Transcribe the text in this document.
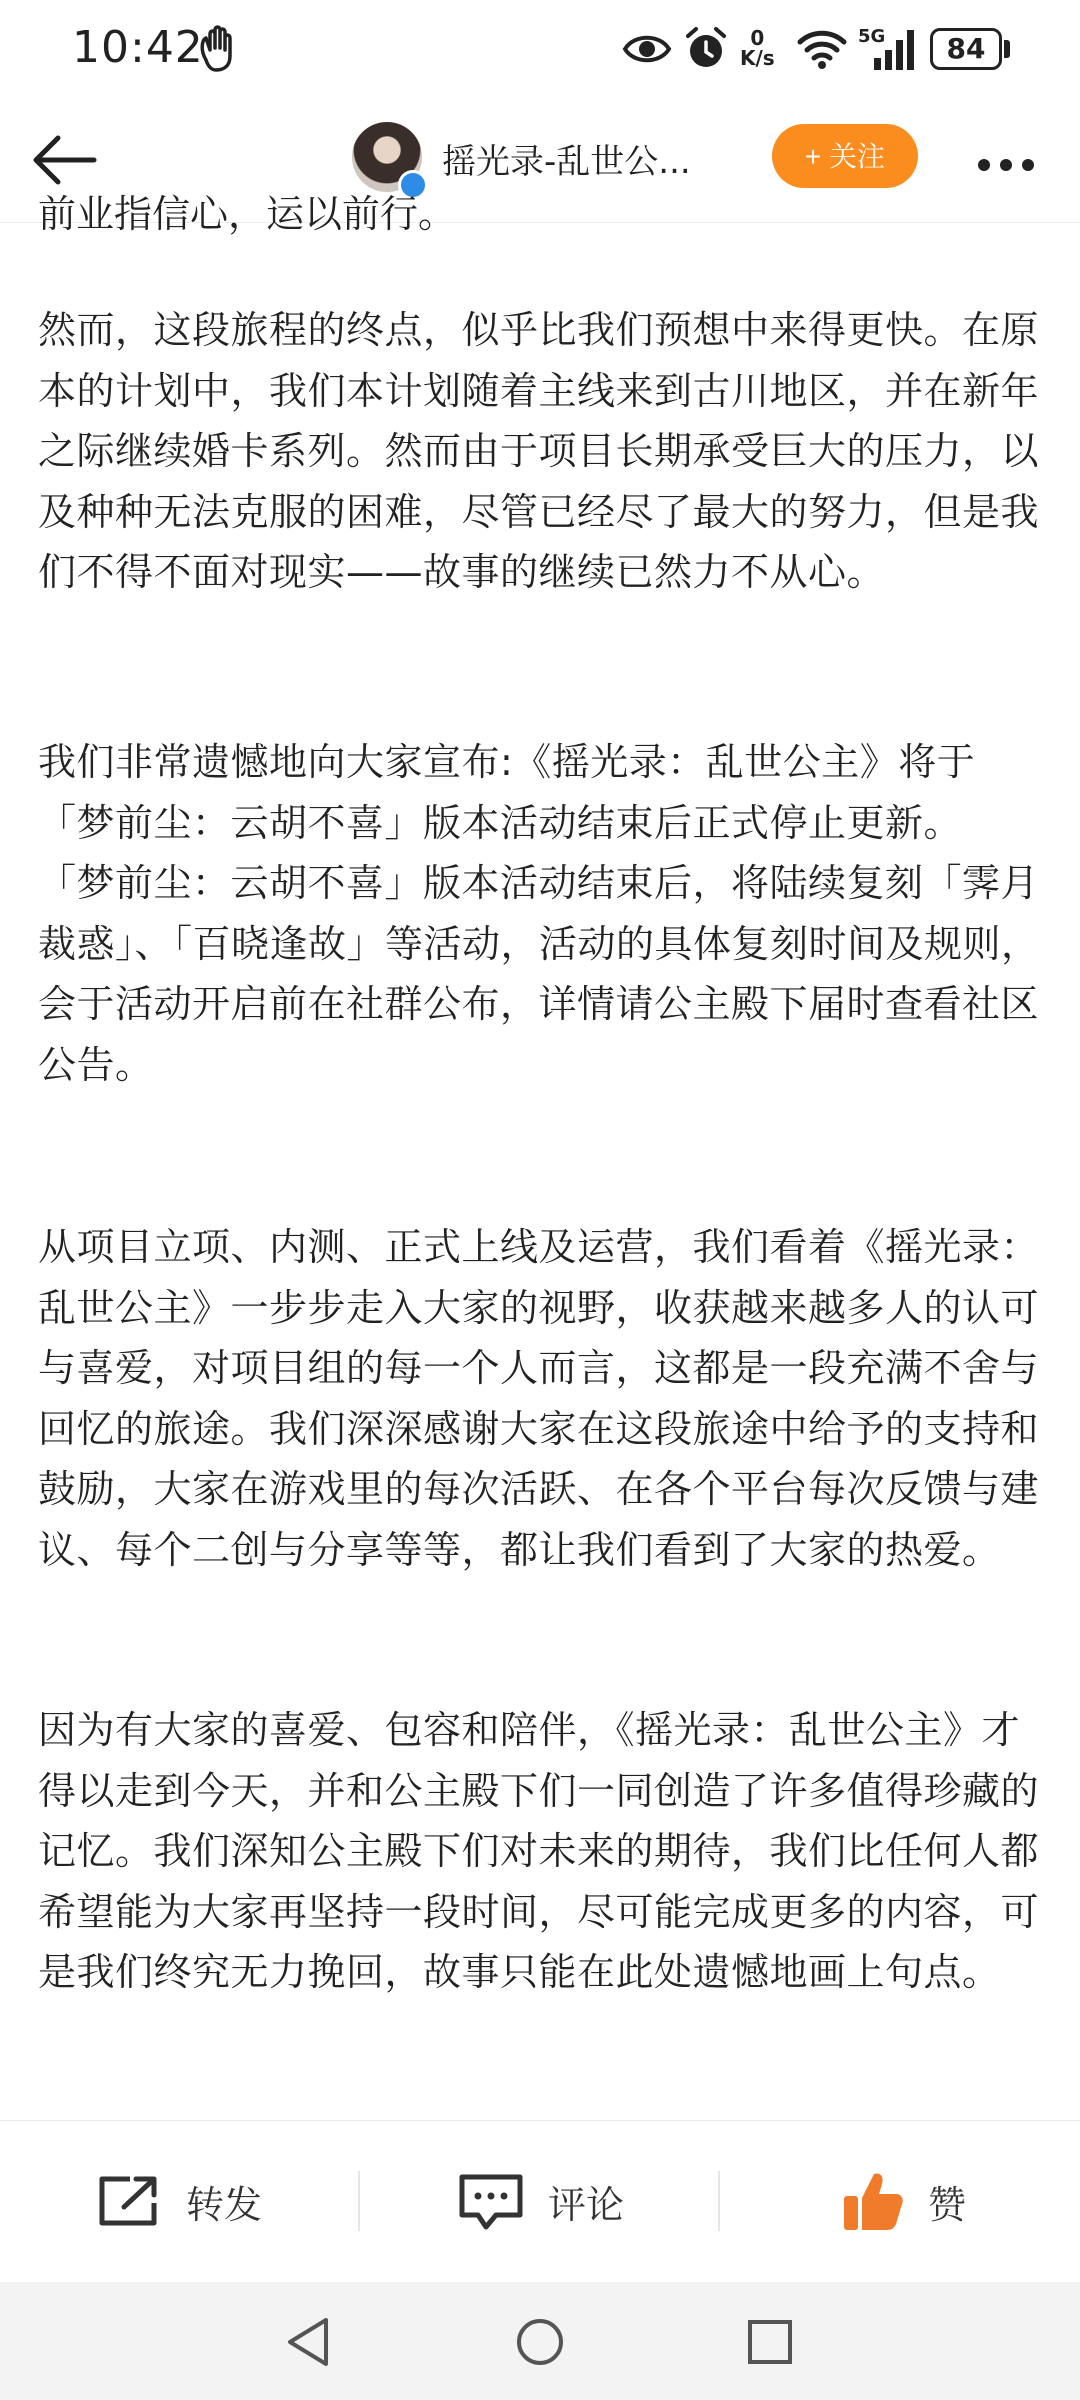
10:42	0
K/s
5G	84
摇光录-乱世公...	+ 关注
前业指信心，运以前行。

然而，这段旅程的终点，似乎比我们预想中来得更快。在原本的计划中，我们本计划随着主线来到古川地区，并在新年之际继续婚卡系列。然而由于项目长期承受巨大的压力，以及种种无法克服的困难，尽管已经尽了最大的努力，但是我们不得不面对现实——故事的继续已然力不从心。

我们非常遗憾地向大家宣布:《摇光录：乱世公主》将于「梦前尘：云胡不喜」版本活动结束后正式停止更新。
「梦前尘：云胡不喜」版本活动结束后，将陆续复刻「霁月裁惑」、「百晓逢故」等活动，活动的具体复刻时间及规则，会于活动开启前在社群公布，详情请公主殿下届时查看社区公告。

从项目立项、内测、正式上线及运营，我们看着《摇光录：乱世公主》一步步走入大家的视野，收获越来越多人的认可与喜爱，对项目组的每一个人而言，这都是一段充满不舍与回忆的旅途。我们深深感谢大家在这段旅途中给予的支持和鼓励，大家在游戏里的每次活跃、在各个平台每次反馈与建议、每个二创与分享等等，都让我们看到了大家的热爱。

因为有大家的喜爱、包容和陪伴，《摇光录：乱世公主》才得以走到今天，并和公主殿下们一同创造了许多值得珍藏的记忆。我们深知公主殿下们对未来的期待，我们比任何人都希望能为大家再坚持一段时间，尽可能完成更多的内容，可是我们终究无力挽回，故事只能在此处遗憾地画上句点。

转发	评论	赞
